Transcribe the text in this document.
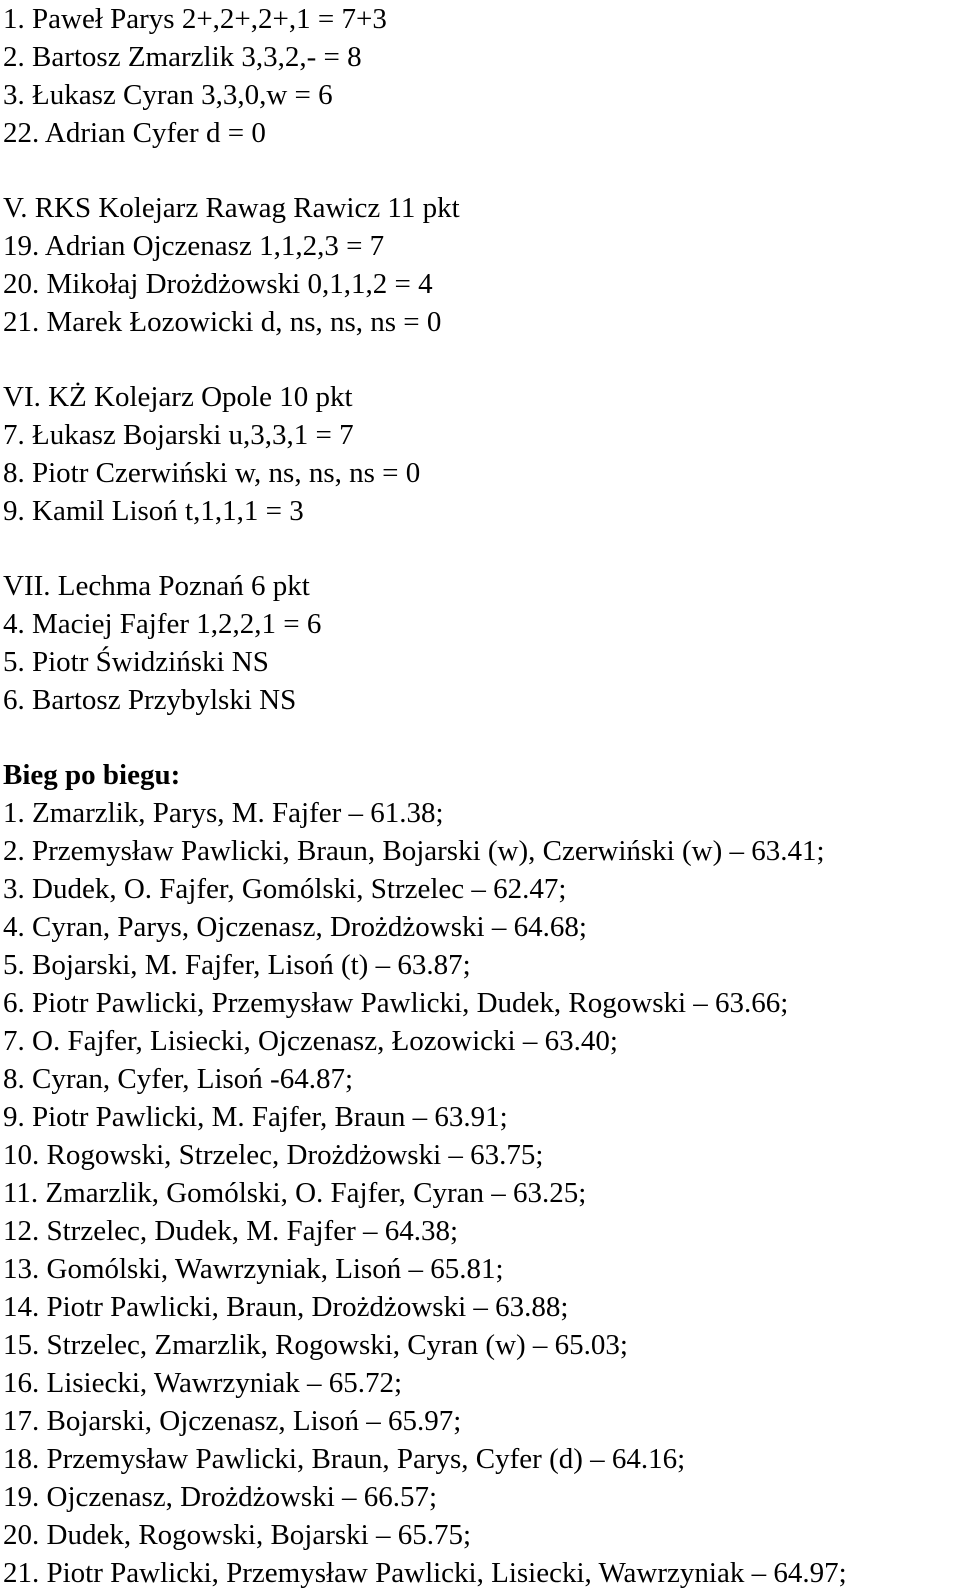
1. Paweł Parys 2+,2+,2+,1 = 7+3
2. Bartosz Zmarzlik 3,3,2,- = 8
3. Łukasz Cyran 3,3,0,w = 6
22. Adrian Cyfer d = 0
V. RKS Kolejarz Rawag Rawicz 11 pkt
19. Adrian Ojczenasz 1,1,2,3 = 7
20. Mikołaj Drożdżowski 0,1,1,2 = 4
21. Marek Łozowicki d, ns, ns, ns = 0
VI. KŻ Kolejarz Opole 10 pkt
7. Łukasz Bojarski u,3,3,1 = 7
8. Piotr Czerwiński w, ns, ns, ns = 0
9. Kamil Lisoń t,1,1,1 = 3
VII. Lechma Poznań 6 pkt
4. Maciej Fajfer 1,2,2,1 = 6
5. Piotr Świdziński NS
6. Bartosz Przybylski NS
Bieg po biegu:
1. Zmarzlik, Parys, M. Fajfer – 61.38;
2. Przemysław Pawlicki, Braun, Bojarski (w), Czerwiński (w) – 63.41;
3. Dudek, O. Fajfer, Gomólski, Strzelec – 62.47;
4. Cyran, Parys, Ojczenasz, Drożdżowski – 64.68;
5. Bojarski, M. Fajfer, Lisoń (t) – 63.87;
6. Piotr Pawlicki, Przemysław Pawlicki, Dudek, Rogowski – 63.66;
7. O. Fajfer, Lisiecki, Ojczenasz, Łozowicki – 63.40;
8. Cyran, Cyfer, Lisoń -64.87;
9. Piotr Pawlicki, M. Fajfer, Braun – 63.91;
10. Rogowski, Strzelec, Drożdżowski – 63.75;
11. Zmarzlik, Gomólski, O. Fajfer, Cyran – 63.25;
12. Strzelec, Dudek, M. Fajfer – 64.38;
13. Gomólski, Wawrzyniak, Lisoń – 65.81;
14. Piotr Pawlicki, Braun, Drożdżowski – 63.88;
15. Strzelec, Zmarzlik, Rogowski, Cyran (w) – 65.03;
16. Lisiecki, Wawrzyniak – 65.72;
17. Bojarski, Ojczenasz, Lisoń – 65.97;
18. Przemysław Pawlicki, Braun, Parys, Cyfer (d) – 64.16;
19. Ojczenasz, Drożdżowski – 66.57;
20. Dudek, Rogowski, Bojarski – 65.75;
21. Piotr Pawlicki, Przemysław Pawlicki, Lisiecki, Wawrzyniak – 64.97;
